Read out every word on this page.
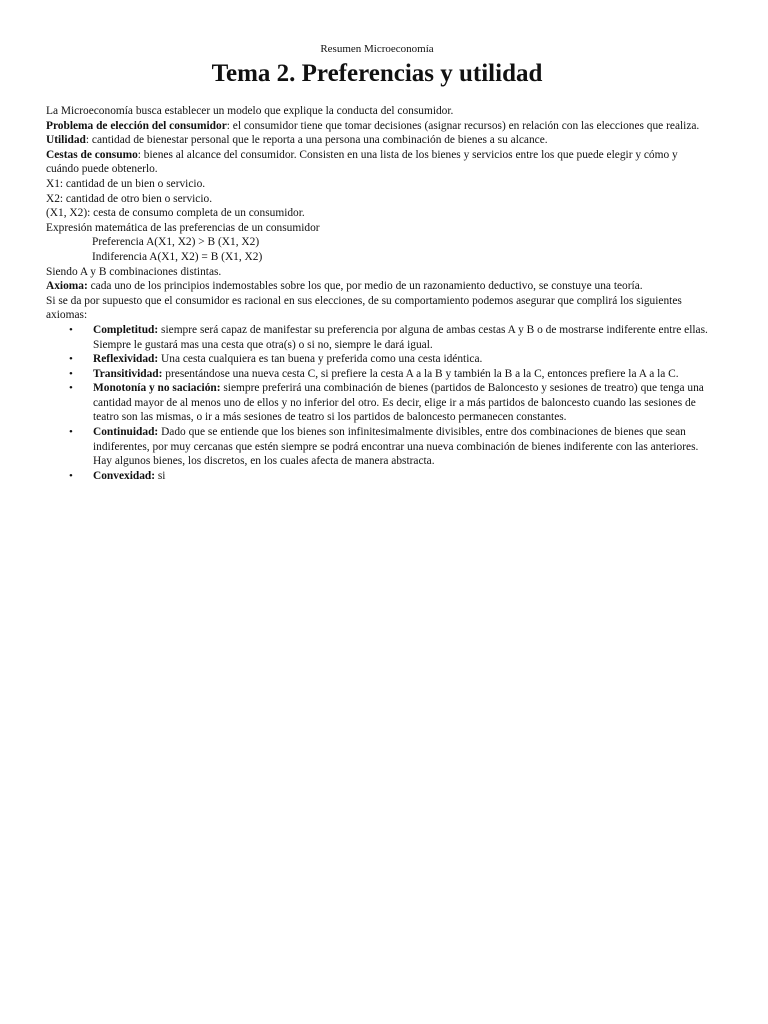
Resumen Microeconomía

Tema 2. Preferencias y utilidad

La Microeconomía busca establecer un modelo que explique la conducta del consumidor.

Problema de elección del consumidor: el consumidor tiene que tomar decisiones (asignar recursos) en relación con las elecciones que realiza.

Utilidad: cantidad de bienestar personal que le reporta a una persona una combinación de bienes a su alcance.

Cestas de consumo: bienes al alcance del consumidor. Consisten en una lista de los bienes y servicios entre los que puede elegir y cómo y cuándo puede obtenerlo.

X1: cantidad de un bien o servicio.

X2: cantidad de otro bien o servicio.

(X1, X2): cesta de consumo completa de un consumidor.

Expresión matemática de las preferencias de un consumidor

Preferencia A(X1, X2) > B (X1, X2)

Indiferencia A(X1, X2) = B (X1, X2)

Siendo A y B combinaciones distintas.

Axioma: cada uno de los principios indemostables sobre los que, por medio de un razonamiento deductivo, se constuye una teoría.

Si se da por supuesto que el consumidor es racional en sus elecciones, de su comportamiento podemos asegurar que complirá los siguientes axiomas:

• Completitud: siempre será capaz de manifestar su preferencia por alguna de ambas cestas A y B o de mostrarse indiferente entre ellas. Siempre le gustará mas una cesta que otra(s) o si no, siempre le dará igual.
• Reflexividad: Una cesta cualquiera es tan buena y preferida como una cesta idéntica.
• Transitividad: presentándose una nueva cesta C, si prefiere la cesta A a la B y también la B a la C, entonces prefiere la A a la C.
• Monotonía y no saciación: siempre preferirá una combinación de bienes (partidos de Baloncesto y sesiones de treatro) que tenga una cantidad mayor de al menos uno de ellos y no inferior del otro. Es decir, elige ir a más partidos de baloncesto cuando las sesiones de teatro son las mismas, o ir a más sesiones de teatro si los partidos de baloncesto permanecen constantes.
• Continuidad: Dado que se entiende que los bienes son infinitesimalmente divisibles, entre dos combinaciones de bienes que sean indiferentes, por muy cercanas que estén siempre se podrá encontrar una nueva combinación de bienes indiferente con las anteriores. Hay algunos bienes, los discretos, en los cuales afecta de manera abstracta.
• Convexidad: si
